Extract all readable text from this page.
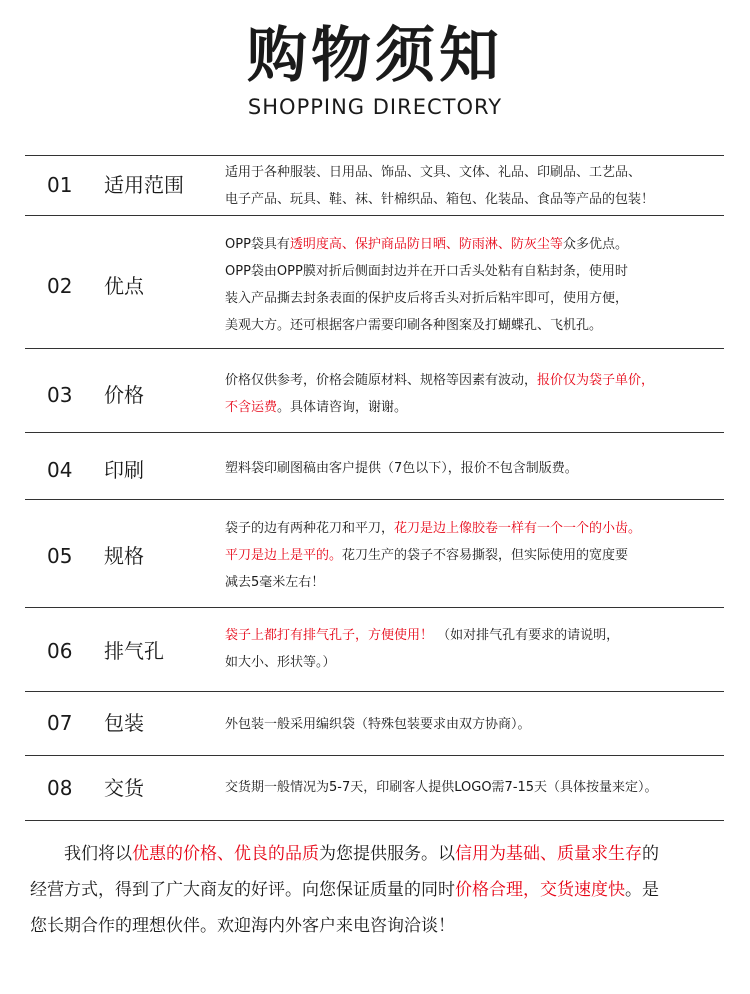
购物须知
SHOPPING DIRECTORY
01 适用范围
适用于各种服装、日用品、饰品、文具、文体、礼品、印刷品、工艺品、
电子产品、玩具、鞋、袜、针棉织品、箱包、化装品、食品等产品的包装！
02 优点
OPP袋具有透明度高、保护商品防日晒、防雨淋、防灰尘等众多优点。
OPP袋由OPP膜对折后侧面封边并在开口舌头处粘有自粘封条，使用时
装入产品撕去封条表面的保护皮后将舌头对折后粘牢即可，使用方便，
美观大方。还可根据客户需要印刷各种图案及打蝴蝶孔、飞机孔。
03 价格
价格仅供参考，价格会随原材料、规格等因素有波动，报价仅为袋子单价，
不含运费。具体请咨询，谢谢。
04 印刷	塑料袋印刷图稿由客户提供（7色以下），报价不包含制版费。
05 规格
袋子的边有两种花刀和平刀，花刀是边上像胶卷一样有一个一个的小齿。
平刀是边上是平的。花刀生产的袋子不容易撕裂，但实际使用的宽度要
减去5毫米左右！
06 排气孔
袋子上都打有排气孔子，方便使用！ （如对排气孔有要求的请说明，
如大小、形状等。）
07 包装	外包装一般采用编织袋（特殊包装要求由双方协商）。
08 交货	交货期一般情况为5-7天，印刷客人提供LOGO需7-15天（具体按量来定）。
　　我们将以优惠的价格、优良的品质为您提供服务。以信用为基础、质量求生存的
经营方式，得到了广大商友的好评。向您保证质量的同时价格合理，交货速度快。是
您长期合作的理想伙伴。欢迎海内外客户来电咨询洽谈！
